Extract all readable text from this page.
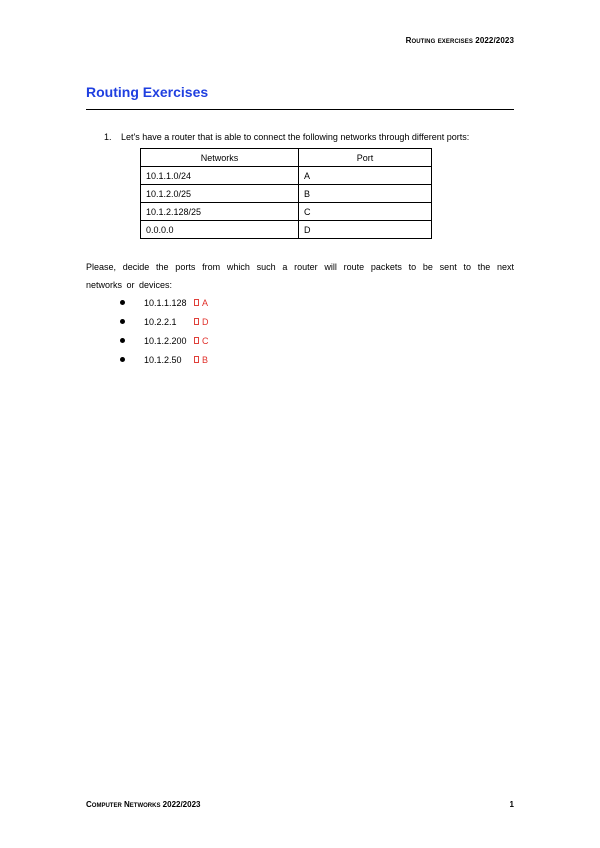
Routing exercises 2022/2023
Routing Exercises
1. Let's have a router that is able to connect the following networks through different ports:
Networks	Port
10.1.1.0/24	A
10.1.2.0/25	B
10.1.2.128/25	C
0.0.0.0	D
Please, decide the ports from which such a router will route packets to be sent to the next networks or devices:
10.1.1.128	A
10.2.2.1	D
10.1.2.200	C
10.1.2.50	B
Computer Networks 2022/2023	1
